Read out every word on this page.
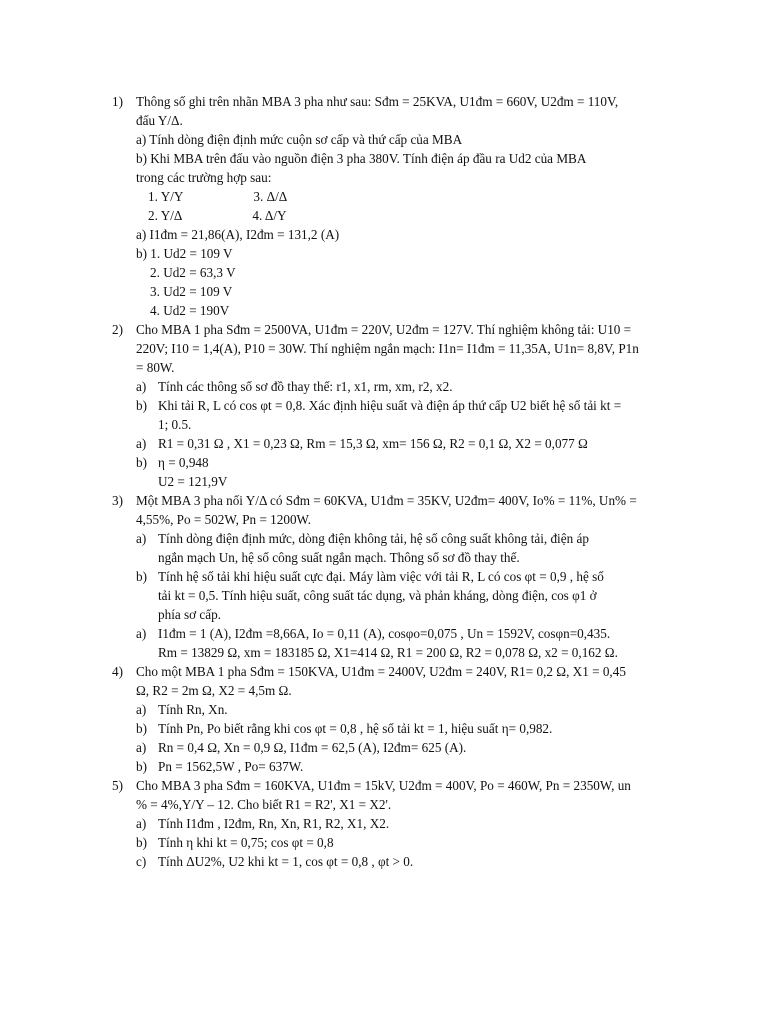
1) Thông số ghi trên nhãn MBA 3 pha như sau: Sđm = 25KVA, U1đm = 660V, U2đm = 110V,
đấu Y/Δ.
a) Tính dòng điện định mức cuộn sơ cấp và thứ cấp của MBA
b) Khi MBA trên đấu vào nguồn điện 3 pha 380V. Tính điện áp đầu ra Ud2 của MBA
trong các trường hợp sau:
1. Y/Y	3. Δ/Δ
2. Y/Δ	4. Δ/Y
a) I1đm = 21,86(A), I2đm = 131,2 (A)
b) 1. Ud2 = 109 V
2. Ud2 = 63,3 V
3. Ud2 = 109 V
4. Ud2 = 190V
2) Cho MBA 1 pha Sđm = 2500VA, U1đm = 220V, U2đm = 127V. Thí nghiệm không tải: U10 =
220V; I10 = 1,4(A), P10 = 30W. Thí nghiệm ngắn mạch: I1n= I1đm = 11,35A, U1n= 8,8V, P1n
= 80W.
a) Tính các thông số sơ đồ thay thế: r1, x1, rm, xm, r2, x2.
b) Khi tải R, L có cos φt = 0,8. Xác định hiệu suất và điện áp thứ cấp U2 biết hệ số tải kt =
1; 0.5.
a) R1 = 0,31 Ω , X1 = 0,23 Ω, Rm = 15,3 Ω, xm= 156 Ω, R2 = 0,1 Ω, X2 = 0,077 Ω
b) η = 0,948
U2 = 121,9V
3) Một MBA 3 pha nối Y/Δ có Sđm = 60KVA, U1đm = 35KV, U2đm= 400V, Io% = 11%, Un% =
4,55%, Po = 502W, Pn = 1200W.
a) Tính dòng điện định mức, dòng điện không tải, hệ số công suất không tải, điện áp
ngắn mạch Un, hệ số công suất ngắn mạch. Thông số sơ đồ thay thế.
b) Tính hệ số tải khi hiệu suất cực đại. Máy làm việc với tải R, L có cos φt = 0,9 , hệ số
tải kt = 0,5. Tính hiệu suất, công suất tác dụng, và phản kháng, dòng điện, cos φ1 ở
phía sơ cấp.
a) I1đm = 1 (A), I2đm =8,66A, Io = 0,11 (A), cosφo=0,075 , Un = 1592V, cosφn=0,435.
Rm = 13829 Ω, xm = 183185 Ω, X1=414 Ω, R1 = 200 Ω, R2 = 0,078 Ω, x2 = 0,162 Ω.
4) Cho một MBA 1 pha Sđm = 150KVA, U1đm = 2400V, U2đm = 240V, R1= 0,2 Ω, X1 = 0,45
Ω, R2 = 2m Ω, X2 = 4,5m Ω.
a) Tính Rn, Xn.
b) Tính Pn, Po biết rằng khi cos φt = 0,8 , hệ số tải kt = 1, hiệu suất η= 0,982.
a) Rn = 0,4 Ω, Xn = 0,9 Ω, I1đm = 62,5 (A), I2đm= 625 (A).
b) Pn = 1562,5W , Po= 637W.
5) Cho MBA 3 pha Sđm = 160KVA, U1đm = 15kV, U2đm = 400V, Po = 460W, Pn = 2350W, un
% = 4%,Y/Y – 12. Cho biết R1 = R2', X1 = X2'.
a) Tính I1đm , I2đm, Rn, Xn, R1, R2, X1, X2.
b) Tính η khi kt = 0,75; cos φt = 0,8
c) Tính ΔU2%, U2 khi kt = 1, cos φt = 0,8 , φt > 0.
